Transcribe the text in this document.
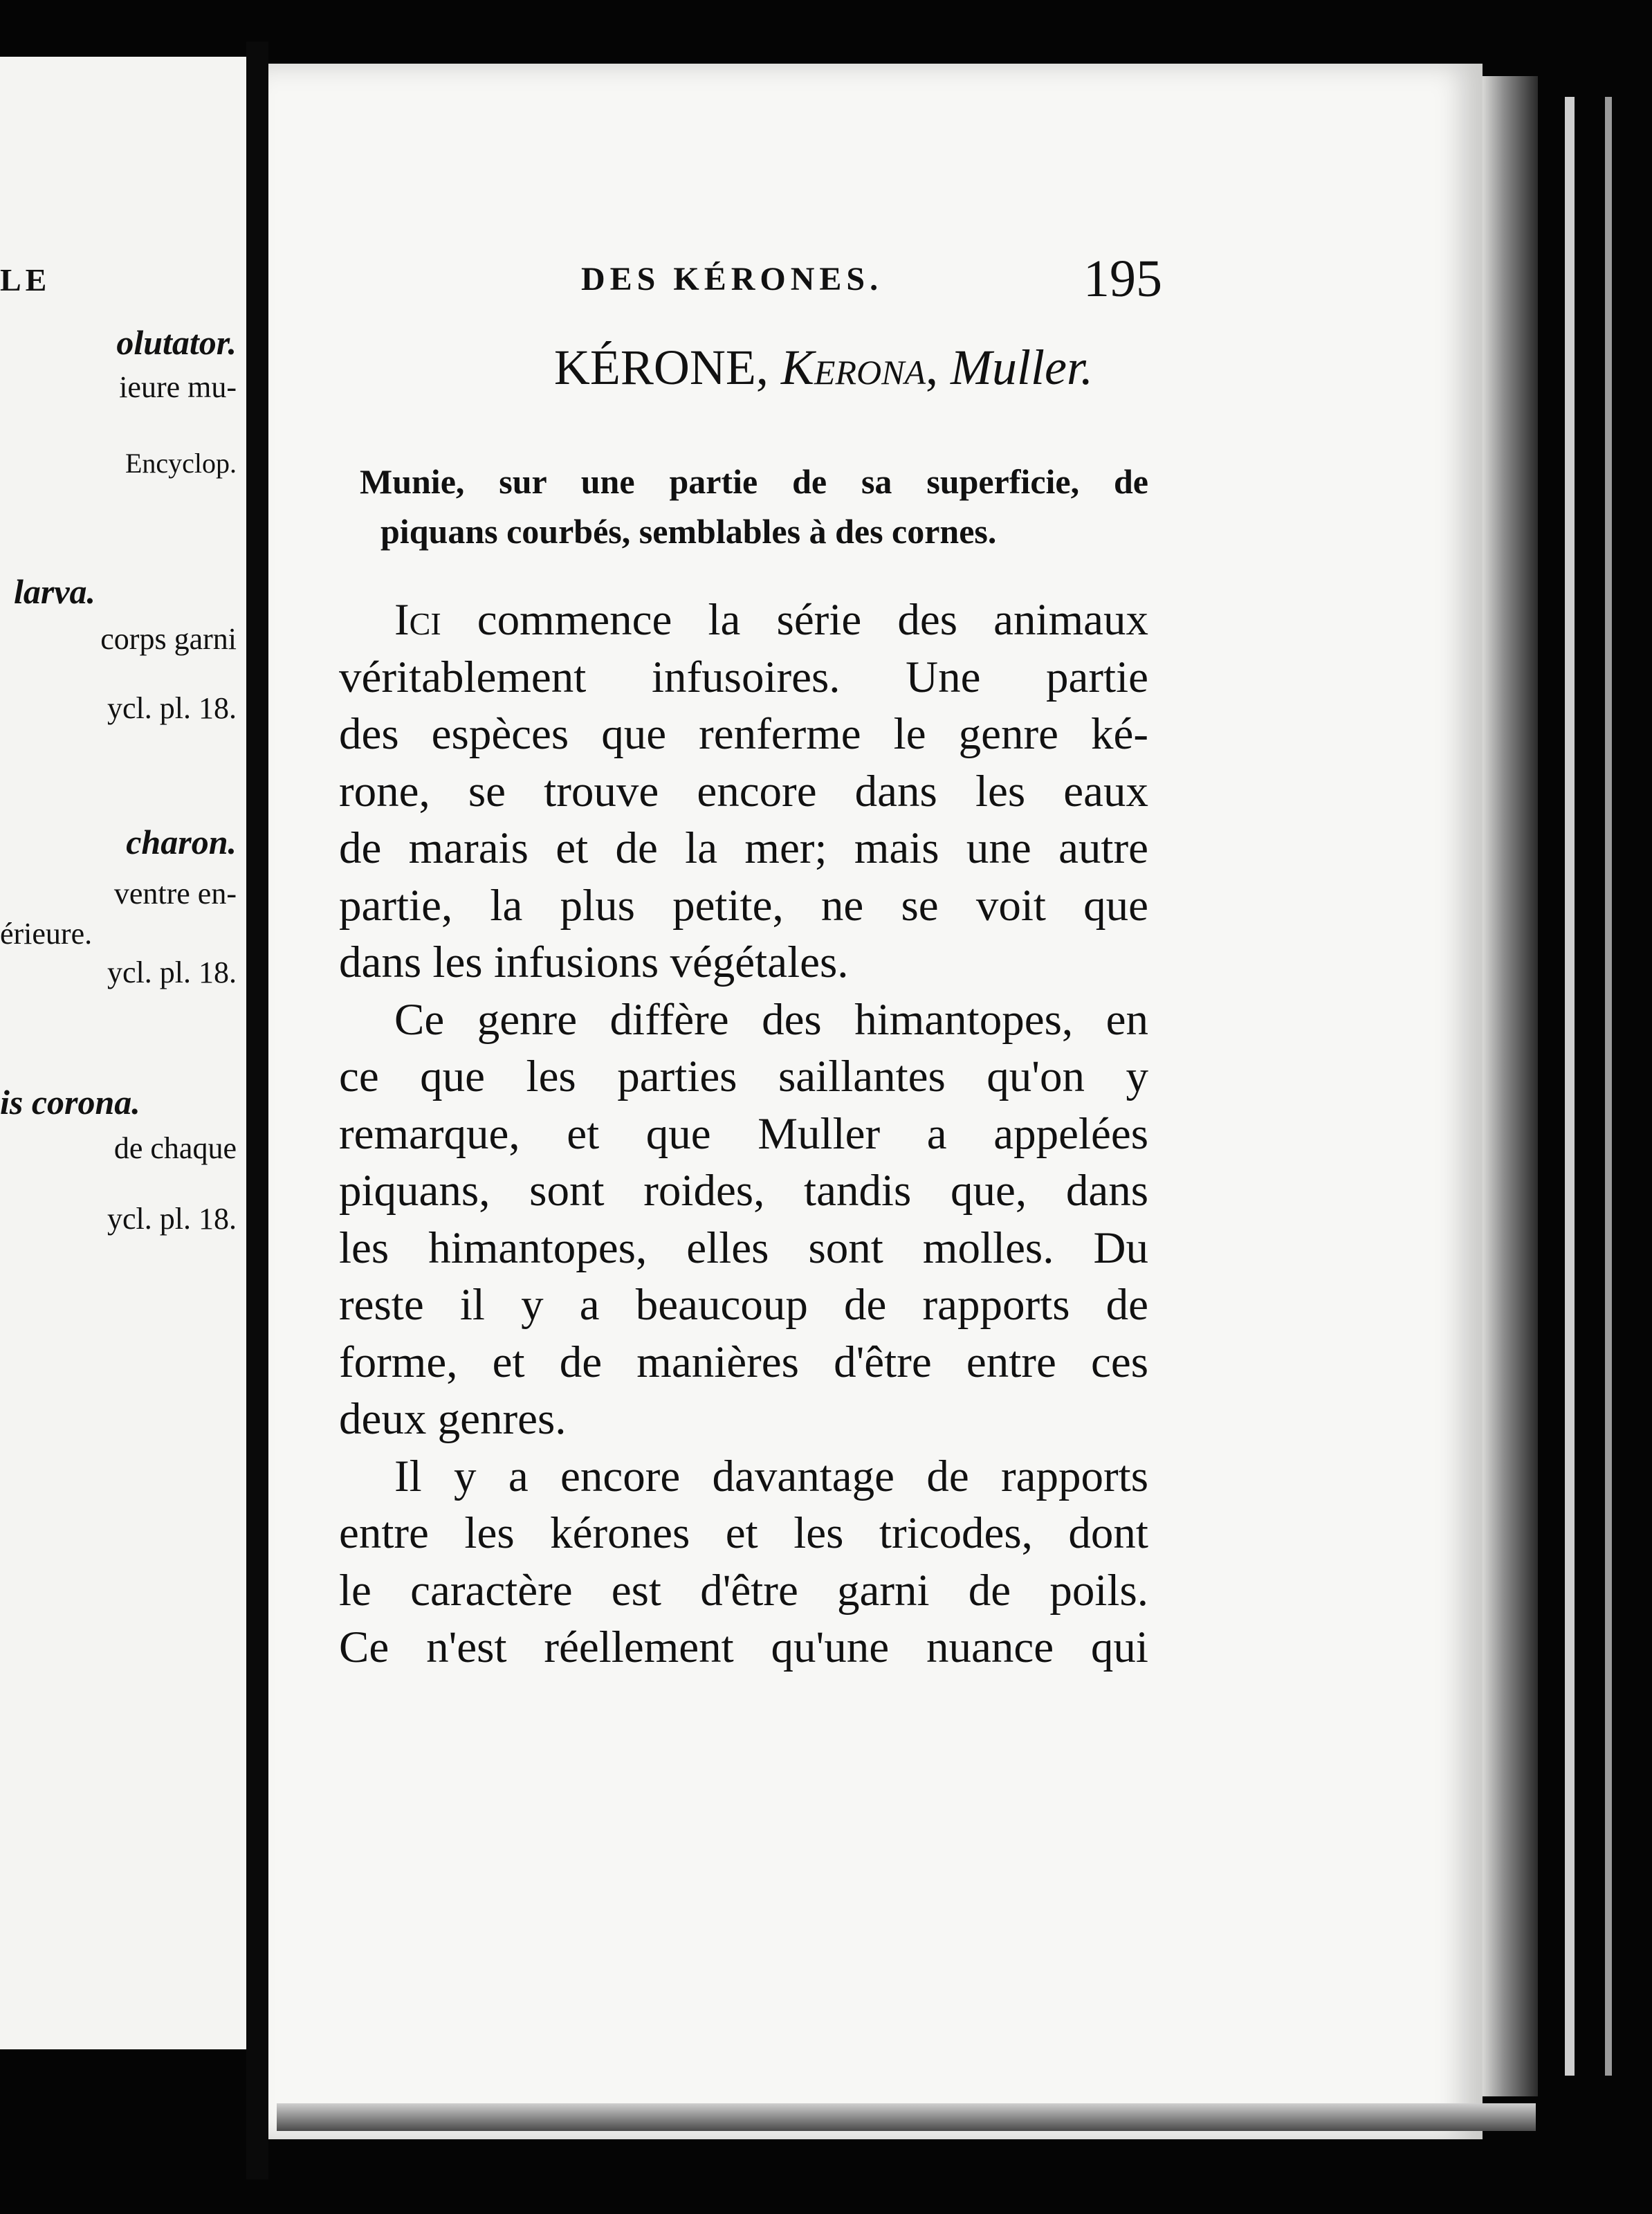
LE
olutator.
ieure mu-
Encyclop.
larva.
corps garni
ycl. pl. 18.
charon.
ventre en-
érieure.
ycl. pl. 18.
is corona.
de chaque
ycl. pl. 18.
DES KÉRONES.	195
KÉRONE, Kerona, Muller.
Munie, sur une partie de sa superficie, de
piquans courbés, semblables à des cornes.
Ici commence la série des animaux
véritablement infusoires. Une partie
des espèces que renferme le genre ké-
rone, se trouve encore dans les eaux
de marais et de la mer; mais une autre
partie, la plus petite, ne se voit que
dans les infusions végétales.
Ce genre diffère des himantopes, en
ce que les parties saillantes qu'on y
remarque, et que Muller a appelées
piquans, sont roides, tandis que, dans
les himantopes, elles sont molles. Du
reste il y a beaucoup de rapports de
forme, et de manières d'être entre ces
deux genres.
Il y a encore davantage de rapports
entre les kérones et les tricodes, dont
le caractère est d'être garni de poils.
Ce n'est réellement qu'une nuance qui
